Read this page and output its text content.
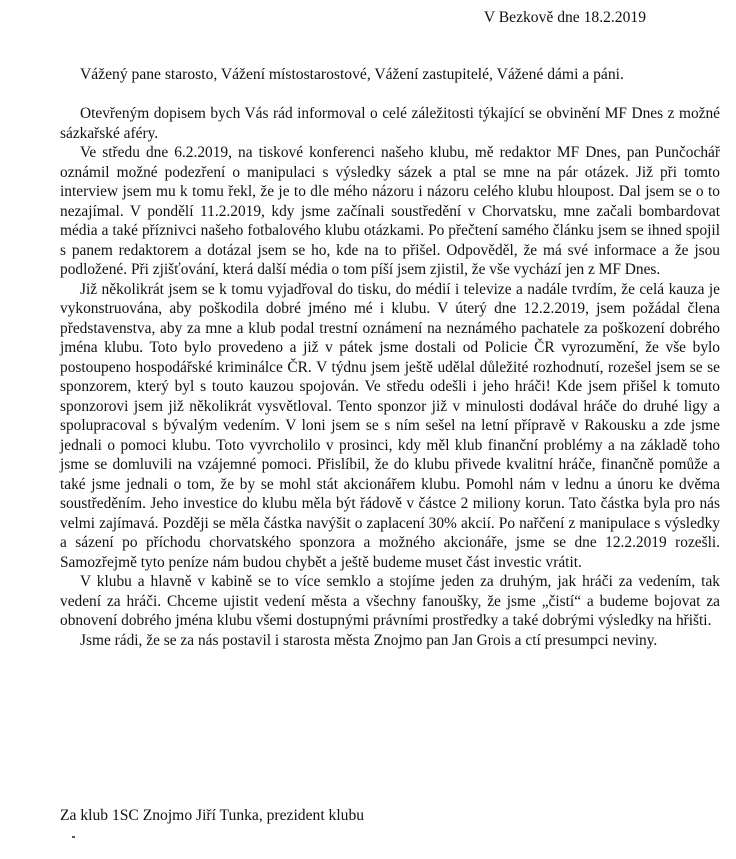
V Bezkově dne 18.2.2019
Vážený pane starosto, Vážení místostarostové, Vážení zastupitelé, Vážené dámi a pánі.

Otevřeným dopisem bych Vás rád informoval o celé záležitosti týkající se obvinění MF Dnes z možné sázkařské aféry.

Ve středu dne 6.2.2019, na tiskové konferenci našeho klubu, mě redaktor MF Dnes, pan Punčochář oznámil možné podezření o manipulaci s výsledky sázek a ptal se mne na pár otázek. Již při tomto interview jsem mu k tomu řekl, že je to dle mého názoru i názoru celého klubu hloupost. Dal jsem se o to nezajímal. V pondělí 11.2.2019, kdy jsme začínali soustředění v Chorvatsku, mne začali bombardovat média a také příznivci našeho fotbalového klubu otázkami. Po přečtení samého článku jsem se ihned spojil s panem redaktorem a dotázal jsem se ho, kde na to přišel. Odpověděl, že má své informace a že jsou podložené. Při zjišťování, která další média o tom píší jsem zjistil, že vše vychází jen z MF Dnes.

Již několikrát jsem se k tomu vyjadřoval do tisku, do médií i televize a nadále tvrdím, že celá kauza je vykonstruována, aby poškodila dobré jméno mé i klubu. V úterý dne 12.2.2019, jsem požádal člena představenstva, aby za mne a klub podal trestní oznámení na neznámého pachatele za poškození dobrého jména klubu. Toto bylo provedeno a již v pátek jsme dostali od Policie ČR vyrozumění, že vše bylo postoupeno hospodářské kriminálce ČR. V týdnu jsem ještě udělal důležité rozhodnutí, rozešel jsem se se sponzorem, který byl s touto kauzou spojován. Ve středu odešli i jeho hráči! Kde jsem přišel k tomuto sponzorovi jsem již několikrát vysvětloval. Tento sponzor již v minulosti dodával hráče do druhé ligy a spolupracoval s bývalým vedením. V loni jsem se s ním sešel na letní přípravě v Rakousku a zde jsme jednali o pomoci klubu. Toto vyvrcholilo v prosinci, kdy měl klub finanční problémy a na základě toho jsme se domluvili na vzájemné pomoci. Přislíbil, že do klubu přivede kvalitní hráče, finančně pomůže a také jsme jednali o tom, že by se mohl stát akcionářem klubu. Pomohl nám v lednu a únoru ke dvěma soustředěním. Jeho investice do klubu měla být řádově v částce 2 miliony korun. Tato částka byla pro nás velmi zajímavá. Později se měla částka navýšit o zaplacení 30% akcií. Po nařčení z manipulace s výsledky a sázení po příchodu chorvatského sponzora a možného akcionáře, jsme se dne 12.2.2019 rozešli. Samozřejmě tyto peníze nám budou chybět a ještě budeme muset část investic vrátit.

V klubu a hlavně v kabině se to více semklo a stojíme jeden za druhým, jak hráči za vedením, tak vedení za hráči. Chceme ujistit vedení města a všechny fanoušky, že jsme „čistí“ a budeme bojovat za obnovení dobrého jména klubu všemi dostupnými právními prostředky a také dobrými výsledky na hřišti.

Jsme rádi, že se za nás postavil i starosta města Znojmo pan Jan Grois a ctí presumpci neviny.

Za klub 1SC Znojmo Jiří Tunka, prezident klubu
